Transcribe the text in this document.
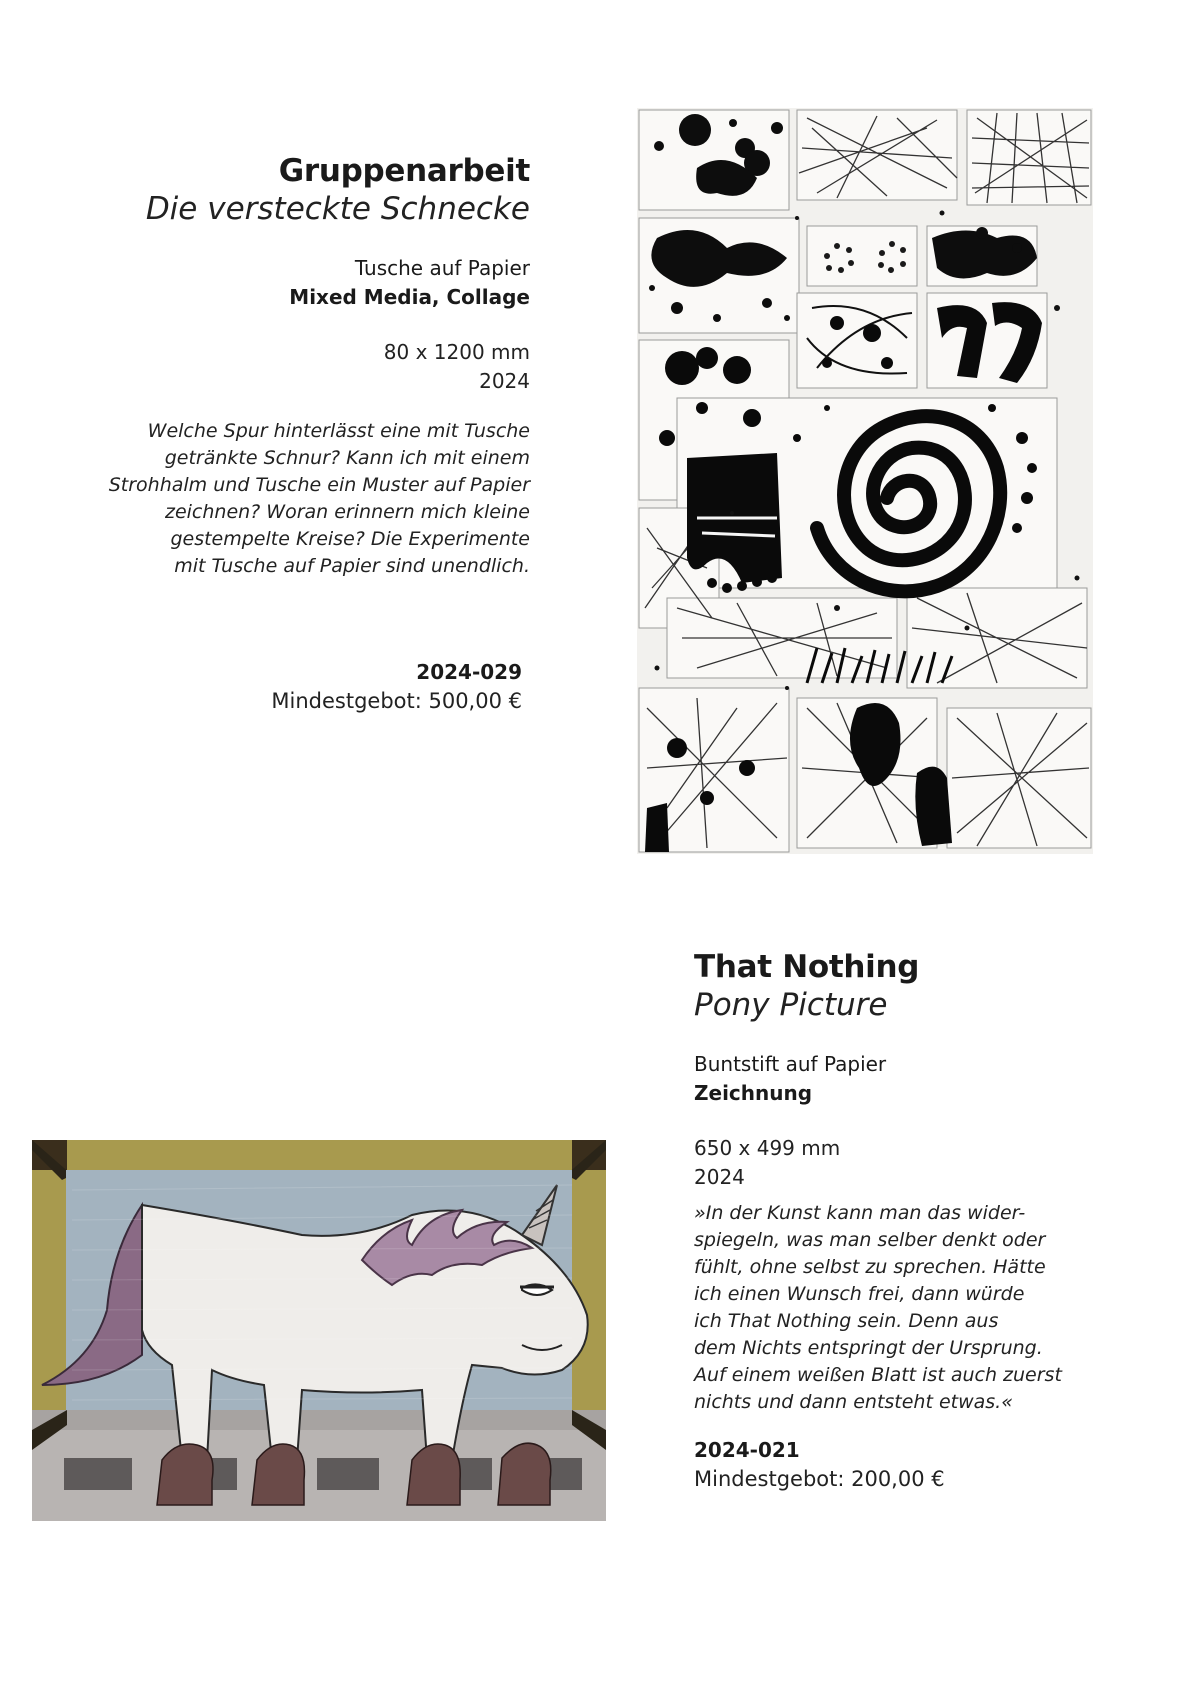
Gruppenarbeit
Die versteckte Schnecke
Tusche auf Papier
Mixed Media, Collage
80 x 1200 mm
2024
Welche Spur hinterlässt eine mit Tusche
getränkte Schnur? Kann ich mit einem
Strohhalm und Tusche ein Muster auf Papier
zeichnen? Woran erinnern mich kleine
gestempelte Kreise? Die Experimente
mit Tusche auf Papier sind unendlich.
2024-029
Mindestgebot: 500,00 €
That Nothing
Pony Picture
Buntstift auf Papier
Zeichnung
650 x 499 mm
2024
»In der Kunst kann man das wider-
spiegeln, was man selber denkt oder
fühlt, ohne selbst zu sprechen. Hätte
ich einen Wunsch frei, dann würde
ich That Nothing sein. Denn aus
dem Nichts entspringt der Ursprung.
Auf einem weißen Blatt ist auch zuerst
nichts und dann entsteht etwas.«
2024-021
Mindestgebot: 200,00 €
